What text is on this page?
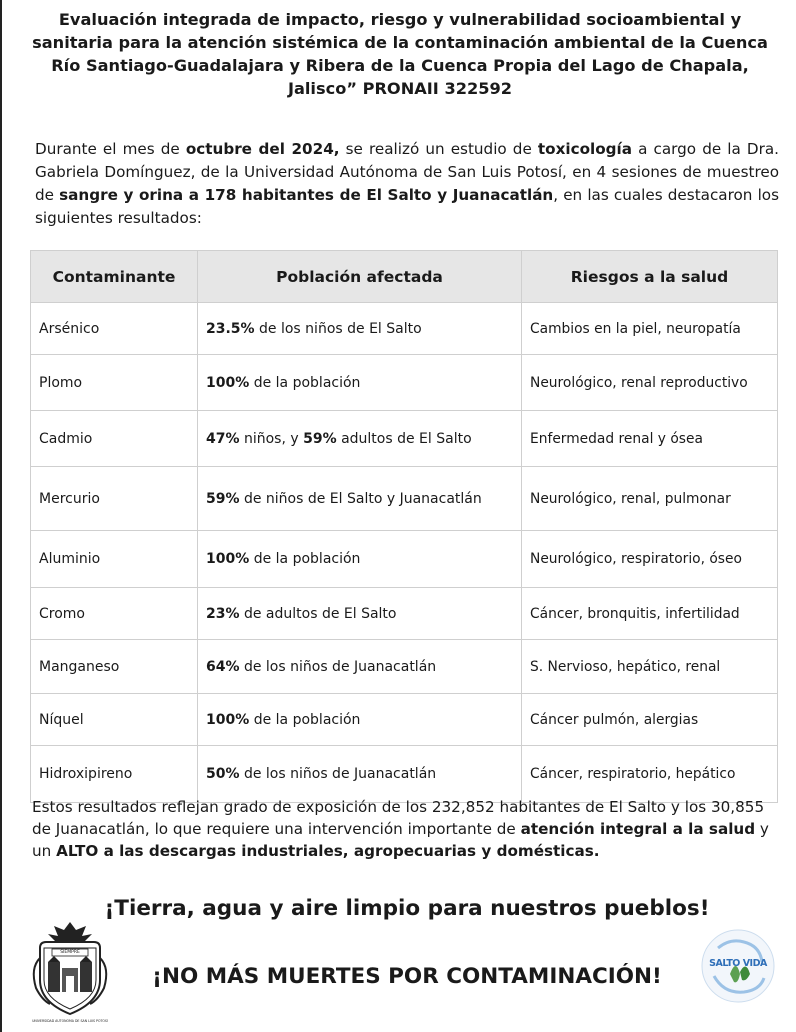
Evaluación integrada de impacto, riesgo y vulnerabilidad socioambiental y sanitaria para la atención sistémica de la contaminación ambiental de la Cuenca Río Santiago-Guadalajara y Ribera de la Cuenca Propia del Lago de Chapala, Jalisco” PRONAII 322592

Durante el mes de octubre del 2024, se realizó un estudio de toxicología a cargo de la Dra. Gabriela Domínguez, de la Universidad Autónoma de San Luis Potosí, en 4 sesiones de muestreo de sangre y orina a 178 habitantes de El Salto y Juanacatlán, en las cuales destacaron los siguientes resultados:

Contaminante	Población afectada	Riesgos a la salud
Arsénico	23.5% de los niños de El Salto	Cambios en la piel, neuropatía
Plomo	100% de la población	Neurológico, renal reproductivo
Cadmio	47% niños, y 59% adultos de El Salto	Enfermedad renal y ósea
Mercurio	59% de niños de El Salto y Juanacatlán	Neurológico, renal, pulmonar
Aluminio	100% de la población	Neurológico, respiratorio, óseo
Cromo	23% de adultos de El Salto	Cáncer, bronquitis, infertilidad
Manganeso	64% de los niños de Juanacatlán	S. Nervioso, hepático, renal
Níquel	100% de la población	Cáncer pulmón, alergias
Hidroxipireno	50% de los niños de Juanacatlán	Cáncer, respiratorio, hepático

Estos resultados reflejan grado de exposición de los 232,852 habitantes de El Salto y los 30,855 de Juanacatlán, lo que requiere una intervención importante de atención integral a la salud y un ALTO a las descargas industriales, agropecuarias y domésticas.

¡Tierra, agua y aire limpio para nuestros pueblos!
¡NO MÁS MUERTES POR CONTAMINACIÓN!
SIEMPRE
UNIVERSIDAD AUTÓNOMA DE SAN LUIS POTOSÍ
SALTO VIDA
